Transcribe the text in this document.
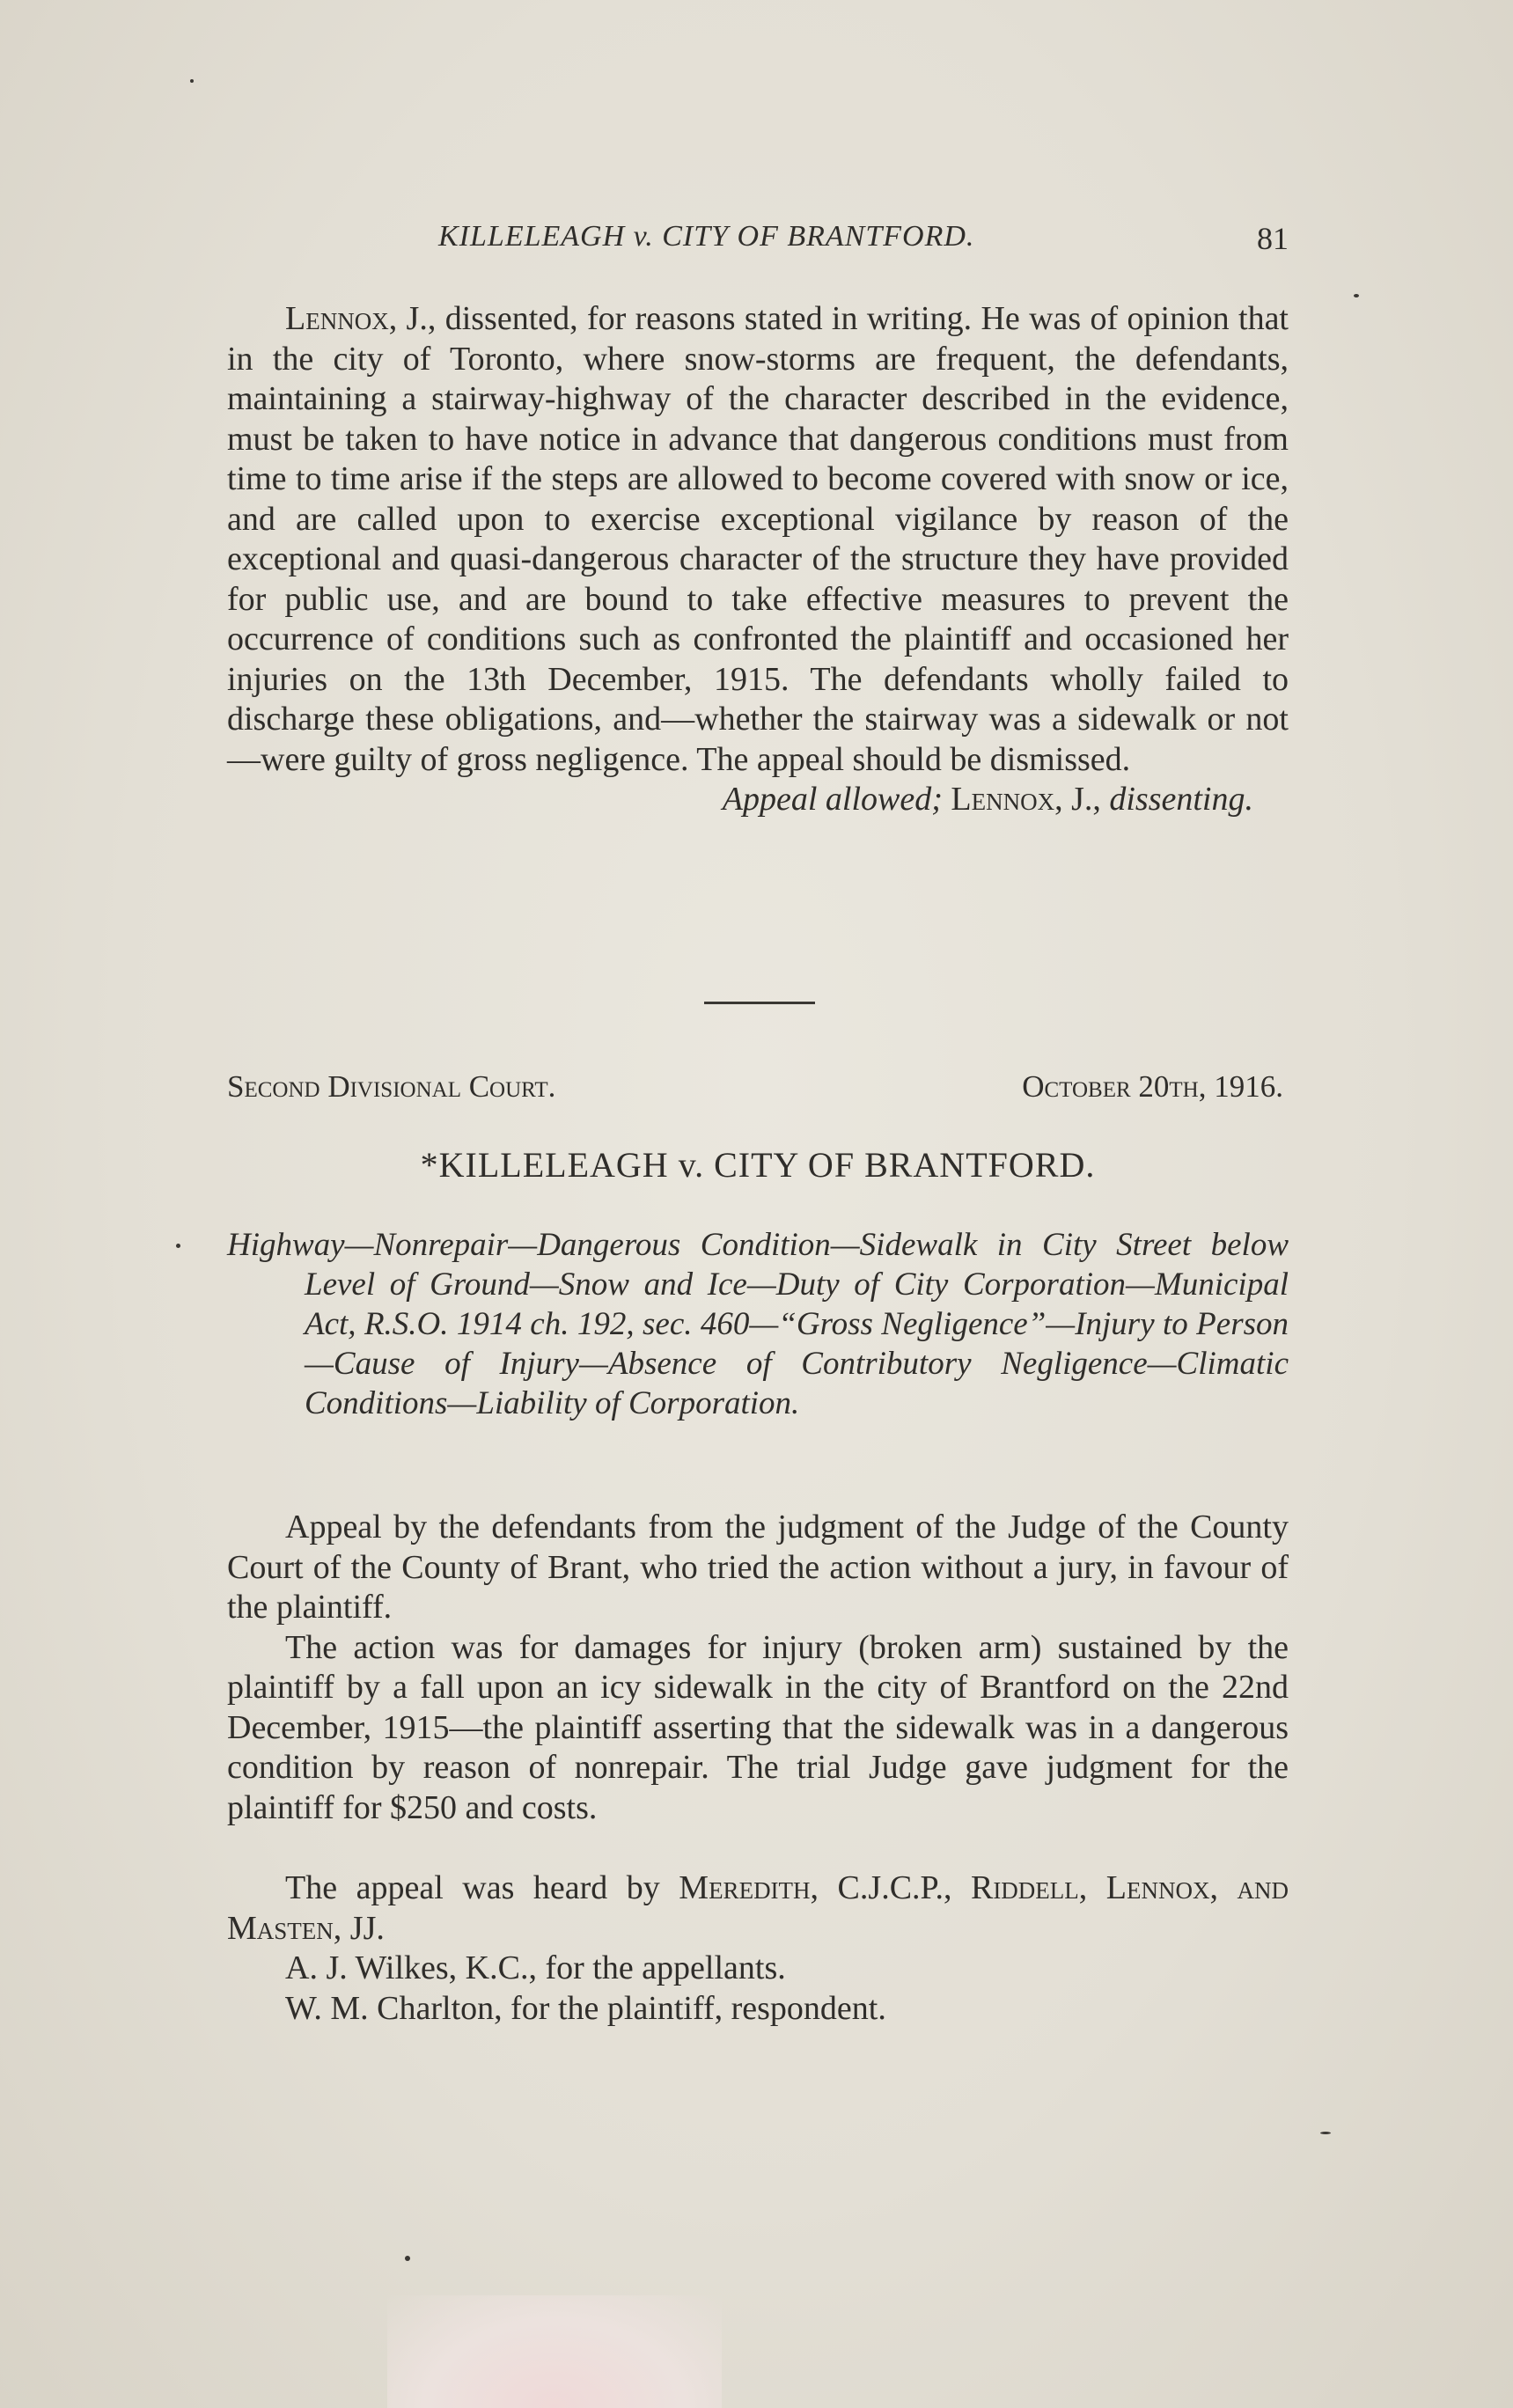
KILLELEAGH v. CITY OF BRANTFORD.	81

Lennox, J., dissented, for reasons stated in writing. He was of opinion that in the city of Toronto, where snow-storms are frequent, the defendants, maintaining a stairway-highway of the character described in the evidence, must be taken to have notice in advance that dangerous conditions must from time to time arise if the steps are allowed to become covered with snow or ice, and are called upon to exercise exceptional vigilance by reason of the exceptional and quasi-dangerous character of the structure they have provided for public use, and are bound to take effective measures to prevent the occurrence of conditions such as confronted the plaintiff and occasioned her injuries on the 13th December, 1915. The defendants wholly failed to discharge these obligations, and—whether the stairway was a sidewalk or not—were guilty of gross negligence. The appeal should be dismissed.

Appeal allowed; Lennox, J., dissenting.

Second Divisional Court.	October 20th, 1916.
*KILLELEAGH v. CITY OF BRANTFORD.

Highway—Nonrepair—Dangerous Condition—Sidewalk in City Street below Level of Ground—Snow and Ice—Duty of City Corporation—Municipal Act, R.S.O. 1914 ch. 192, sec. 460—“Gross Negligence”—Injury to Person—Cause of Injury—Absence of Contributory Negligence—Climatic Conditions—Liability of Corporation.

Appeal by the defendants from the judgment of the Judge of the County Court of the County of Brant, who tried the action without a jury, in favour of the plaintiff.

The action was for damages for injury (broken arm) sustained by the plaintiff by a fall upon an icy sidewalk in the city of Brantford on the 22nd December, 1915—the plaintiff asserting that the sidewalk was in a dangerous condition by reason of nonrepair. The trial Judge gave judgment for the plaintiff for $250 and costs.

The appeal was heard by Meredith, C.J.C.P., Riddell, Lennox, and Masten, JJ.

A. J. Wilkes, K.C., for the appellants.

W. M. Charlton, for the plaintiff, respondent.
